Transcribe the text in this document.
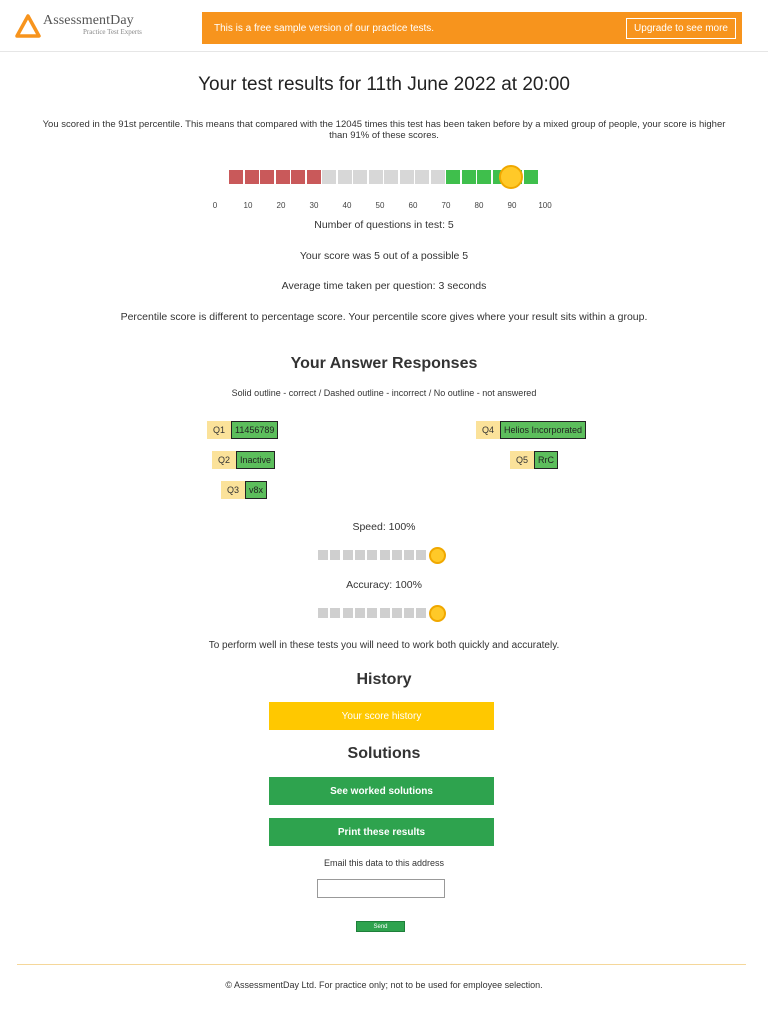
AssessmentDay
Practice Test Experts	This is a free sample version of our practice tests.	Upgrade to see more
Your test results for 11th June 2022 at 20:00
You scored in the 91st percentile. This means that compared with the 12045 times this test has been taken before by a mixed group of people, your score is higher than 91% of these scores.
0	10	20	30	40	50	60	70	80	90	100
Number of questions in test: 5
Your score was 5 out of a possible 5
Average time taken per question: 3 seconds
Percentile score is different to percentage score. Your percentile score gives where your result sits within a group.
Your Answer Responses
Solid outline - correct / Dashed outline - incorrect / No outline - not answered
Q1	11456789
Q2	Inactive
Q3	v8x
Q4	Helios Incorporated
Q5	RrC
Speed: 100%
Accuracy: 100%
To perform well in these tests you will need to work both quickly and accurately.
History
Your score history
Solutions
See worked solutions
Print these results
Email this data to this address
Send
© AssessmentDay Ltd. For practice only; not to be used for employee selection.
